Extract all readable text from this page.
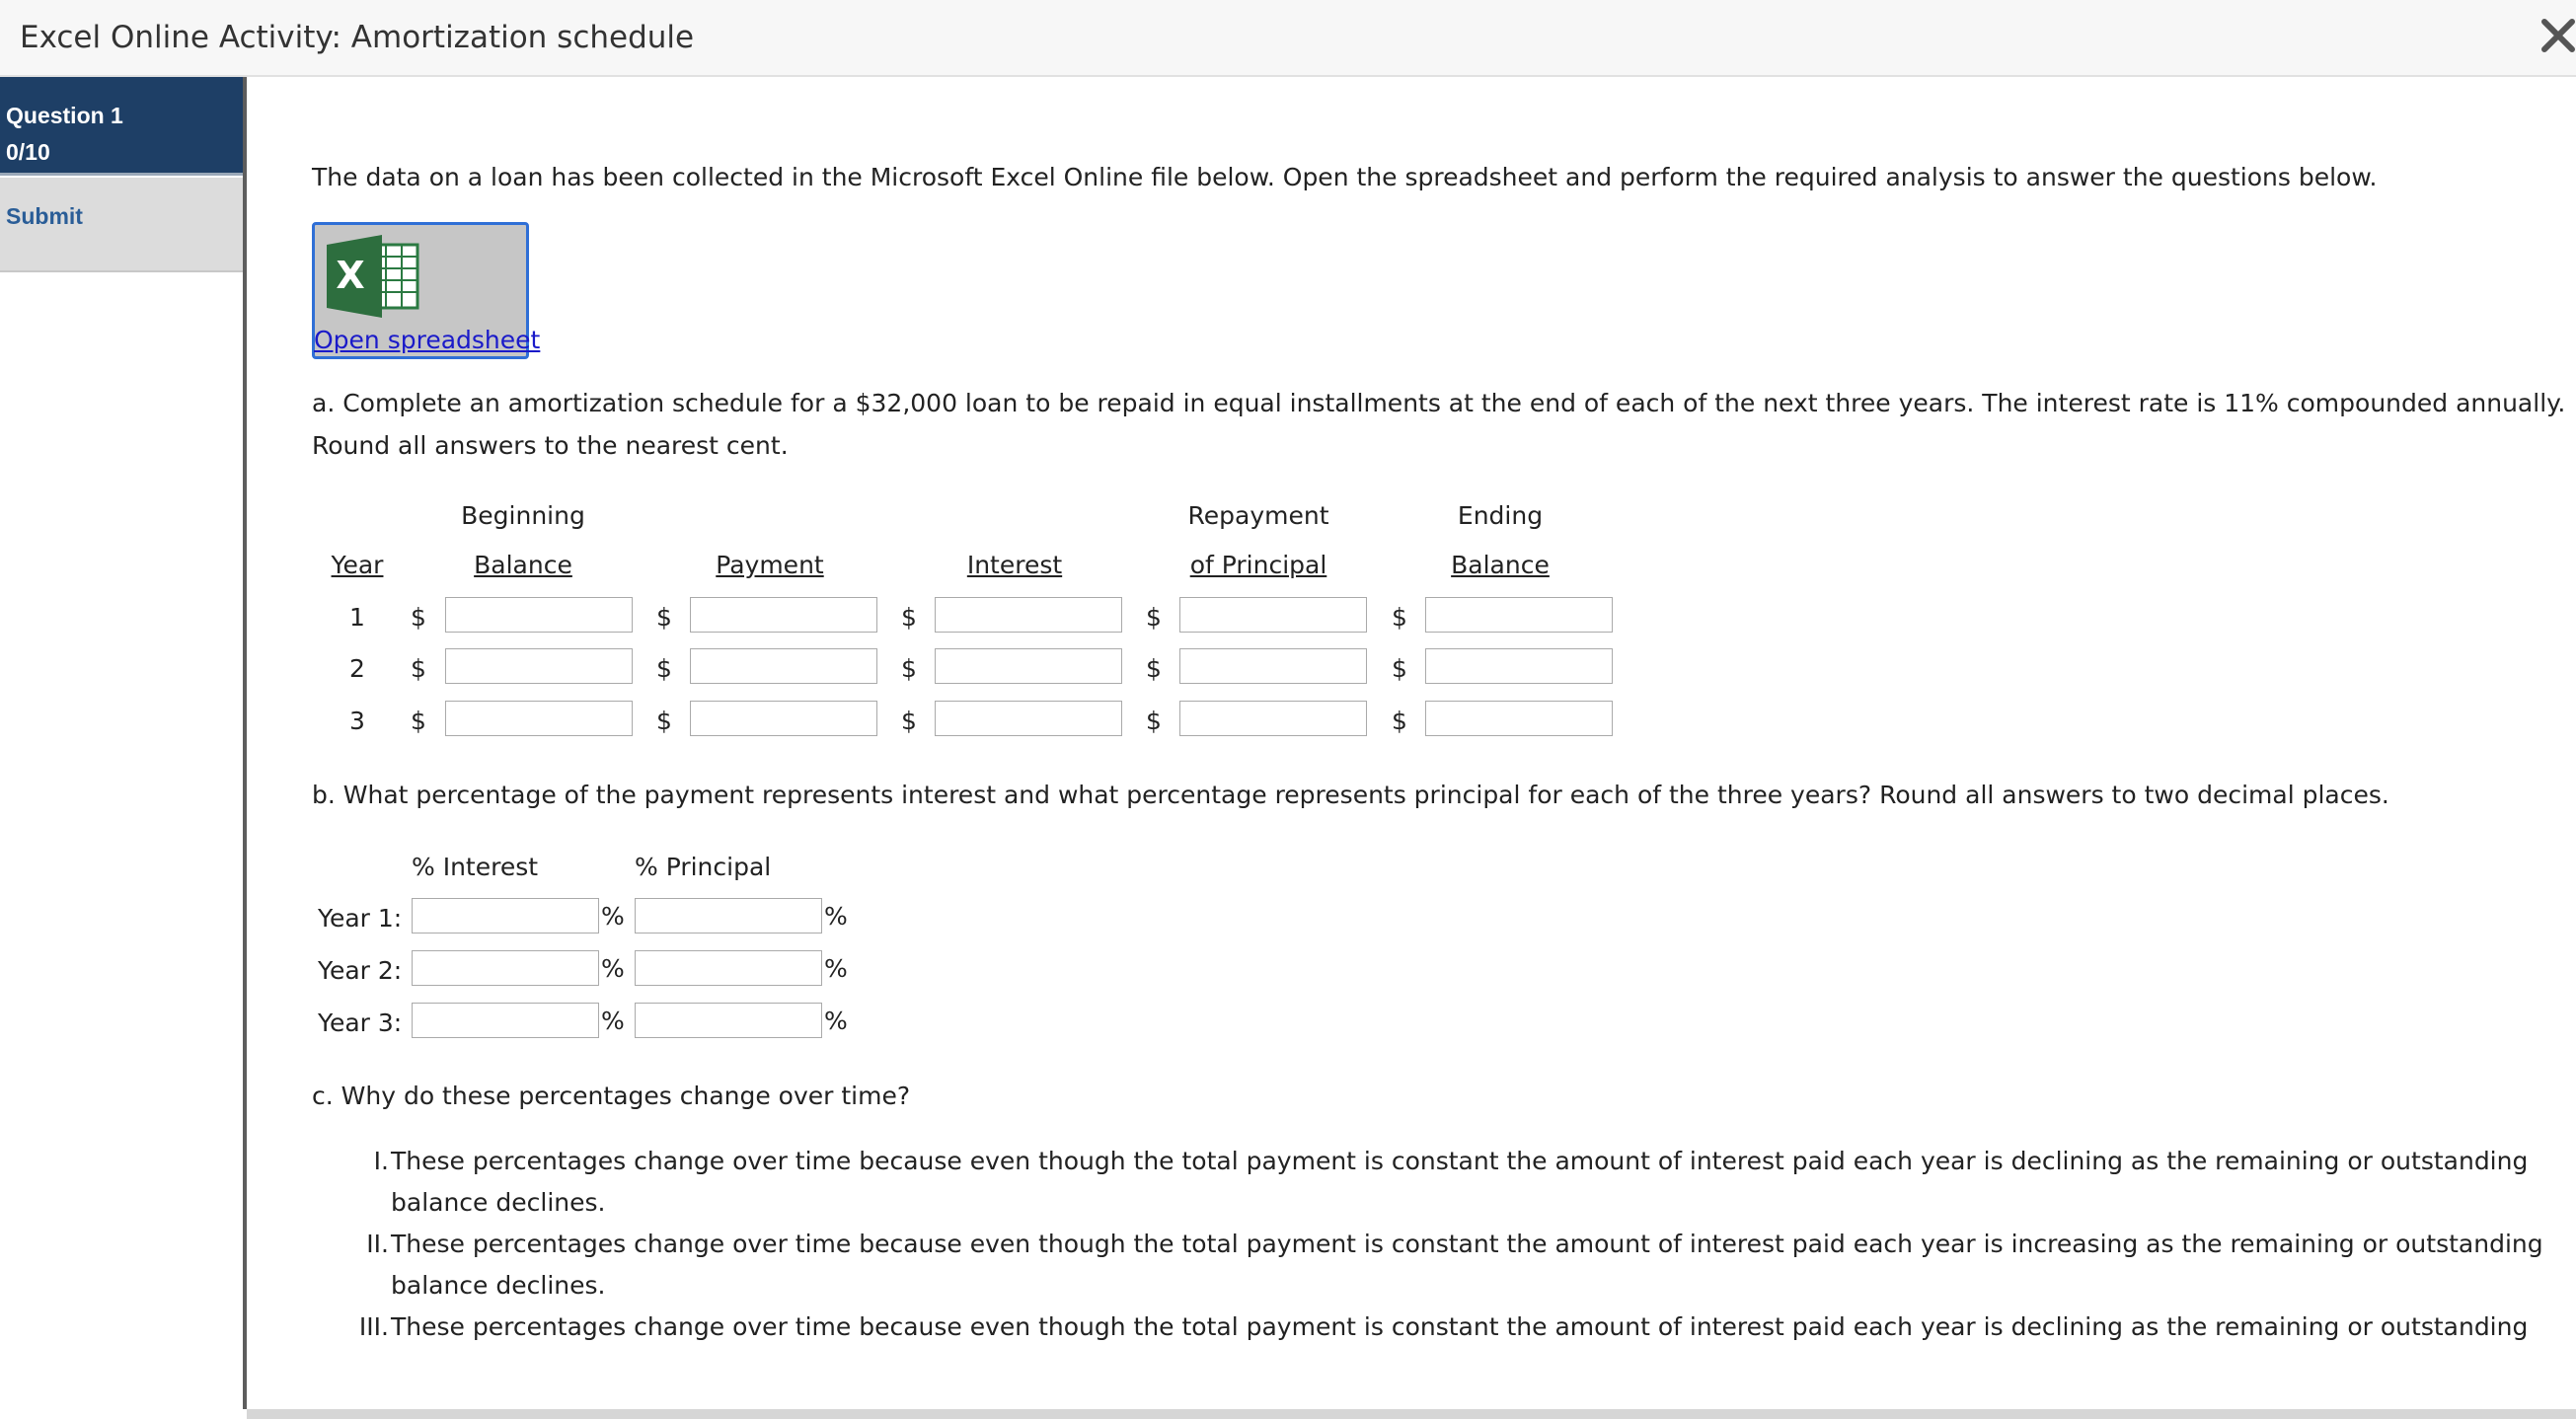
Excel Online Activity: Amortization schedule
Question 1
0/10
Submit
The data on a loan has been collected in the Microsoft Excel Online file below. Open the spreadsheet and perform the required analysis to answer the questions below.
X
Open spreadsheet
a. Complete an amortization schedule for a $32,000 loan to be repaid in equal installments at the end of each of the next three years. The interest rate is 11% compounded annually.
Round all answers to the nearest cent.
Beginning	Repayment	Ending
Year	Balance	Payment	Interest	of Principal	Balance
1 $	$	$	$	$
2 $	$	$	$	$
3 $	$	$	$	$
b. What percentage of the payment represents interest and what percentage represents principal for each of the three years? Round all answers to two decimal places.
% Interest	% Principal
Year 1:	%	%
Year 2:	%	%
Year 3:	%	%
c. Why do these percentages change over time?
I. These percentages change over time because even though the total payment is constant the amount of interest paid each year is declining as the remaining or outstanding
balance declines.
II. These percentages change over time because even though the total payment is constant the amount of interest paid each year is increasing as the remaining or outstanding
balance declines.
III. These percentages change over time because even though the total payment is constant the amount of interest paid each year is declining as the remaining or outstanding
